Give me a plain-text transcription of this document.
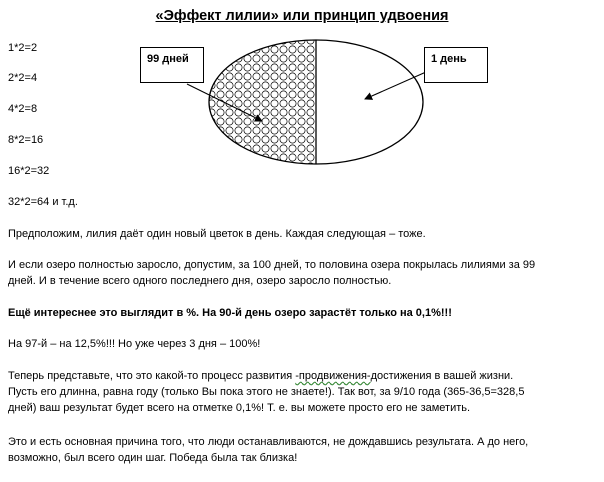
«Эффект лилии» или принцип удвоения
1*2=2
2*2=4
4*2=8
8*2=16
16*2=32
32*2=64 и т.д.
99 дней	1 день
Предположим, лилия даёт один новый цветок в день. Каждая следующая – тоже.
И если озеро полностью заросло, допустим, за 100 дней, то половина озера покрылась лилиями за 99
дней. И в течение всего одного последнего дня, озеро заросло полностью.
Ещё интереснее это выглядит в %. На 90-й день озеро зарастёт только на 0,1%!!!
На 97-й – на 12,5%!!! Но уже через 3 дня – 100%!
Теперь представьте, что это какой-то процесс развития -продвижения-достижения в вашей жизни.
Пусть его длинна, равна году (только Вы пока этого не знаете!). Так вот, за 9/10 года (365-36,5=328,5
дней) ваш результат будет всего на отметке 0,1%! Т. е. вы можете просто его не заметить.
Это и есть основная причина того, что люди останавливаются, не дождавшись результата. А до него,
возможно, был всего один шаг. Победа была так близка!
